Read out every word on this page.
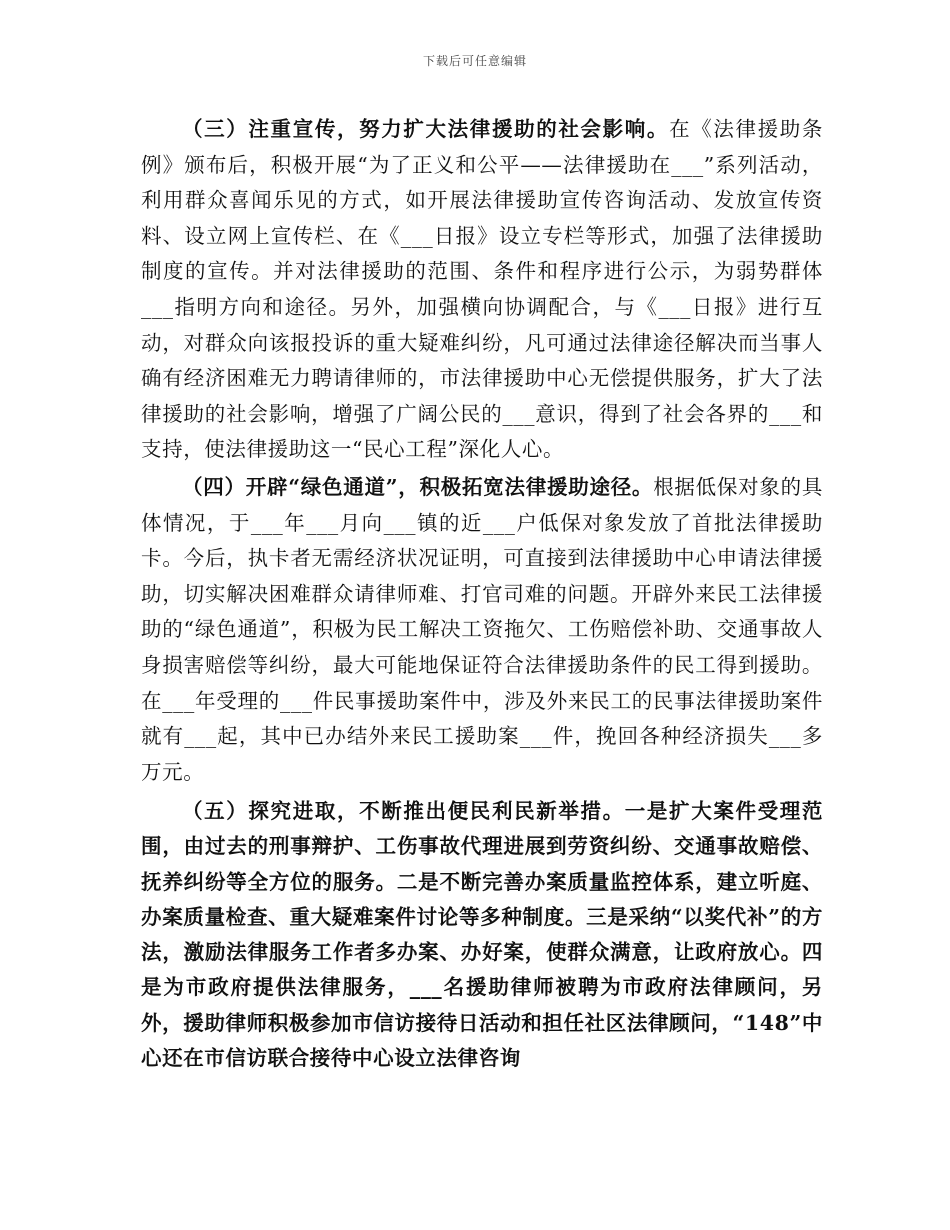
下载后可任意编辑

（三）注重宣传，努力扩大法律援助的社会影响。在《法律援助条例》颁布后，积极开展“为了正义和公平——法律援助在___”系列活动，利用群众喜闻乐见的方式，如开展法律援助宣传咨询活动、发放宣传资料、设立网上宣传栏、在《___日报》设立专栏等形式，加强了法律援助制度的宣传。并对法律援助的范围、条件和程序进行公示，为弱势群体___指明方向和途径。另外，加强横向协调配合，与《___日报》进行互动，对群众向该报投诉的重大疑难纠纷，凡可通过法律途径解决而当事人确有经济困难无力聘请律师的，市法律援助中心无偿提供服务，扩大了法律援助的社会影响，增强了广阔公民的___意识，得到了社会各界的___和支持，使法律援助这一“民心工程”深化人心。

（四）开辟“绿色通道”，积极拓宽法律援助途径。根据低保对象的具体情况，于___年___月向___镇的近___户低保对象发放了首批法律援助卡。今后，执卡者无需经济状况证明，可直接到法律援助中心申请法律援助，切实解决困难群众请律师难、打官司难的问题。开辟外来民工法律援助的“绿色通道”，积极为民工解决工资拖欠、工伤赔偿补助、交通事故人身损害赔偿等纠纷，最大可能地保证符合法律援助条件的民工得到援助。在___年受理的___件民事援助案件中，涉及外来民工的民事法律援助案件就有___起，其中已办结外来民工援助案___件，挽回各种经济损失___多万元。

（五）探究进取，不断推出便民利民新举措。一是扩大案件受理范围，由过去的刑事辩护、工伤事故代理进展到劳资纠纷、交通事故赔偿、抚养纠纷等全方位的服务。二是不断完善办案质量监控体系，建立听庭、办案质量检查、重大疑难案件讨论等多种制度。三是采纳“以奖代补”的方法，激励法律服务工作者多办案、办好案，使群众满意，让政府放心。四是为市政府提供法律服务，___名援助律师被聘为市政府法律顾问，另外，援助律师积极参加市信访接待日活动和担任社区法律顾问，“148”中心还在市信访联合接待中心设立法律咨询
